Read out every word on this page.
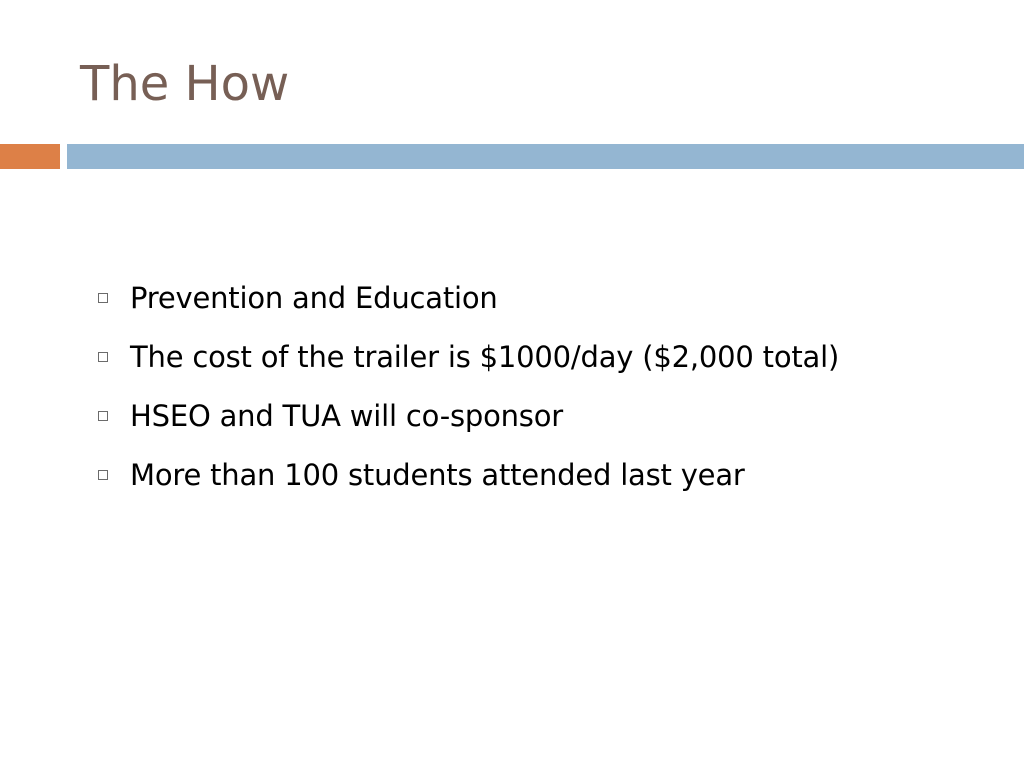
The How
Prevention and Education
The cost of the trailer is $1000/day ($2,000 total)
HSEO and TUA will co-sponsor
More than 100 students attended last year
